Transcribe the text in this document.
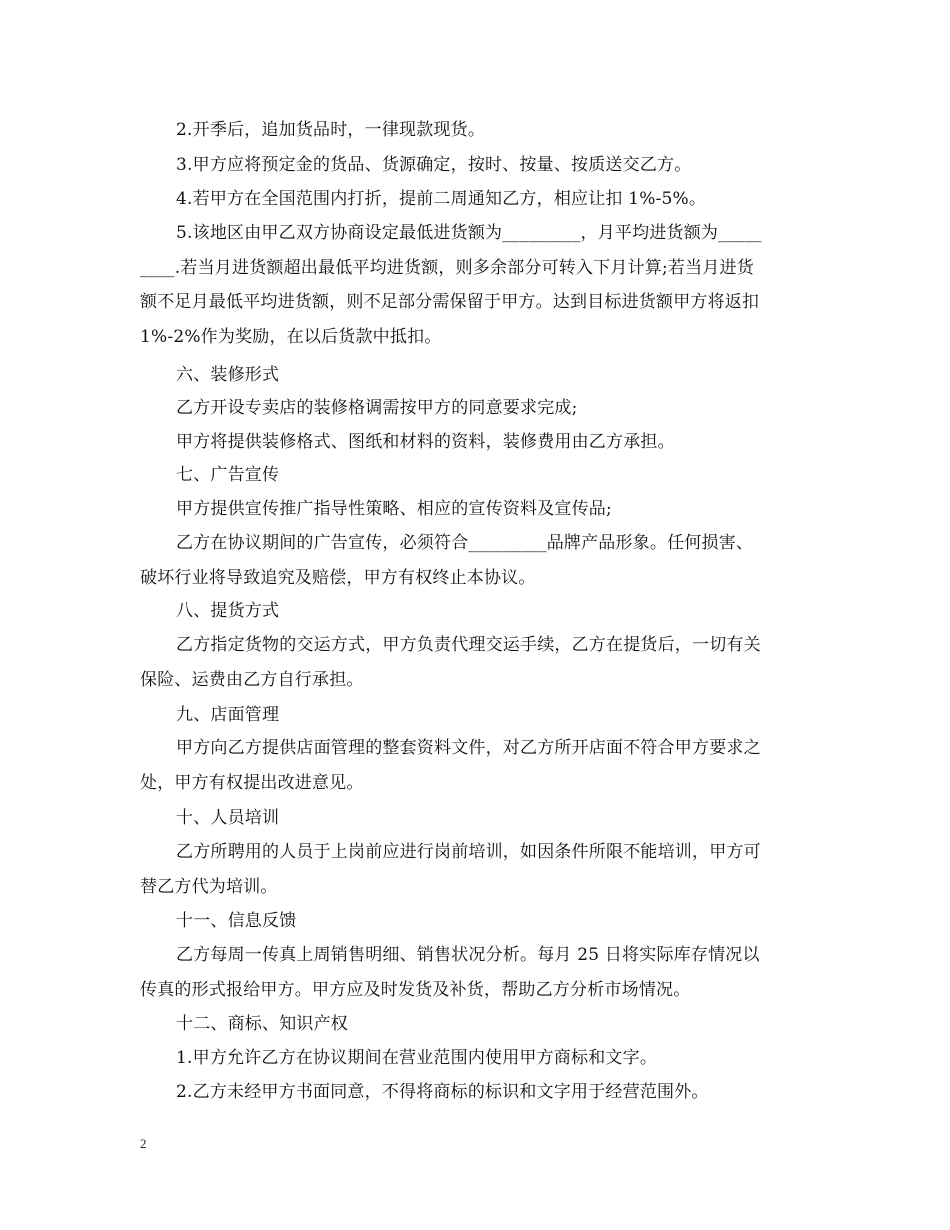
2.开季后，追加货品时，一律现款现货。
3.甲方应将预定金的货品、货源确定，按时、按量、按质送交乙方。
4.若甲方在全国范围内打折，提前二周通知乙方，相应让扣 1%-5%。
5.该地区由甲乙双方协商设定最低进货额为_________，月平均进货额为_____
____.若当月进货额超出最低平均进货额，则多余部分可转入下月计算;若当月进货
额不足月最低平均进货额，则不足部分需保留于甲方。达到目标进货额甲方将返扣
1%-2%作为奖励，在以后货款中抵扣。
六、装修形式
乙方开设专卖店的装修格调需按甲方的同意要求完成;
甲方将提供装修格式、图纸和材料的资料，装修费用由乙方承担。
七、广告宣传
甲方提供宣传推广指导性策略、相应的宣传资料及宣传品;
乙方在协议期间的广告宣传，必须符合_________品牌产品形象。任何损害、
破坏行业将导致追究及赔偿，甲方有权终止本协议。
八、提货方式
乙方指定货物的交运方式，甲方负责代理交运手续，乙方在提货后，一切有关
保险、运费由乙方自行承担。
九、店面管理
甲方向乙方提供店面管理的整套资料文件，对乙方所开店面不符合甲方要求之
处，甲方有权提出改进意见。
十、人员培训
乙方所聘用的人员于上岗前应进行岗前培训，如因条件所限不能培训，甲方可
替乙方代为培训。
十一、信息反馈
乙方每周一传真上周销售明细、销售状况分析。每月 25 日将实际库存情况以
传真的形式报给甲方。甲方应及时发货及补货，帮助乙方分析市场情况。
十二、商标、知识产权
1.甲方允许乙方在协议期间在营业范围内使用甲方商标和文字。
2.乙方未经甲方书面同意，不得将商标的标识和文字用于经营范围外。
2
